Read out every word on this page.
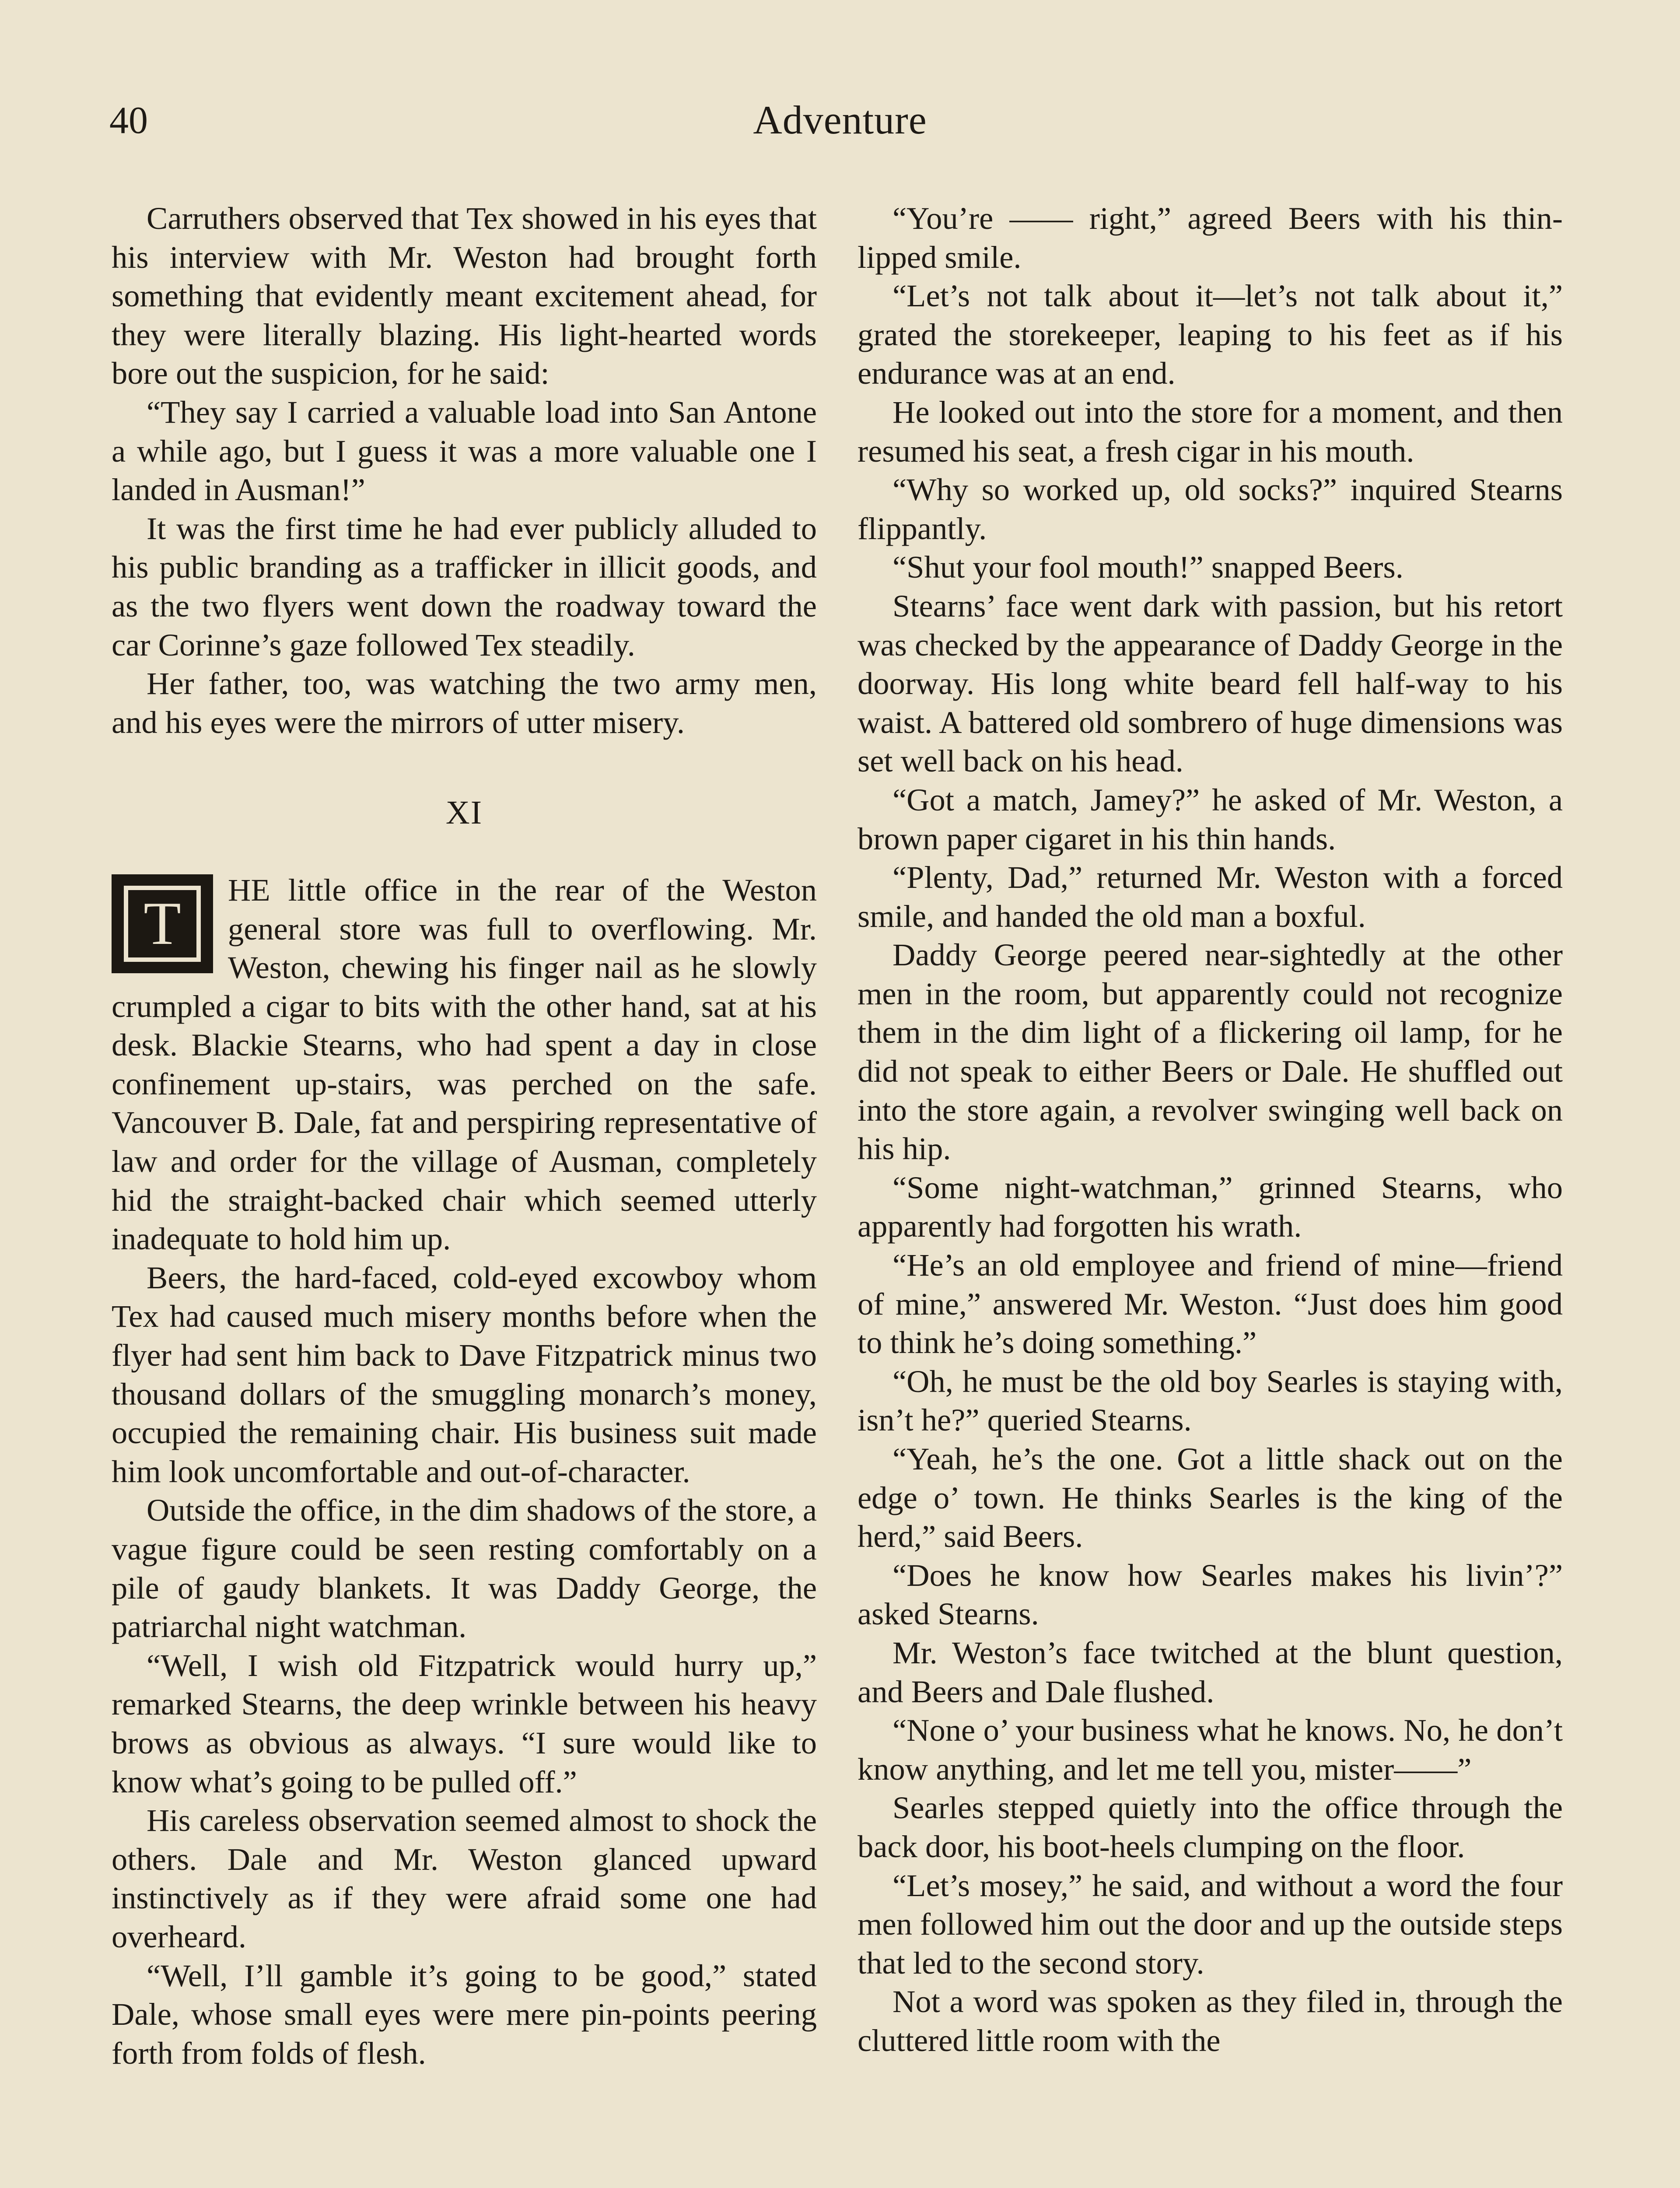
40	Adventure

Carruthers observed that Tex showed in his eyes that his interview with Mr. Weston had brought forth something that evidently meant excitement ahead, for they were literally blazing. His light-hearted words bore out the suspicion, for he said:

“They say I carried a valuable load into San Antone a while ago, but I guess it was a more valuable one I landed in Ausman!”

It was the first time he had ever publicly alluded to his public branding as a trafficker in illicit goods, and as the two flyers went down the roadway toward the car Corinne’s gaze followed Tex steadily.

Her father, too, was watching the two army men, and his eyes were the mirrors of utter misery.

XI

T	HE little office in the rear of the Weston general store was full to overflowing. Mr. Weston, chewing his finger nail as he slowly crumpled a cigar to bits with the other hand, sat at his desk. Blackie Stearns, who had spent a day in close confinement up-stairs, was perched on the safe. Vancouver B. Dale, fat and perspiring representative of law and order for the village of Ausman, completely hid the straight-backed chair which seemed utterly inadequate to hold him up.

Beers, the hard-faced, cold-eyed excowboy whom Tex had caused much misery months before when the flyer had sent him back to Dave Fitzpatrick minus two thousand dollars of the smuggling monarch’s money, occupied the remaining chair. His business suit made him look uncomfortable and out-of-character.

Outside the office, in the dim shadows of the store, a vague figure could be seen resting comfortably on a pile of gaudy blankets. It was Daddy George, the patriarchal night watchman.

“Well, I wish old Fitzpatrick would hurry up,” remarked Stearns, the deep wrinkle between his heavy brows as obvious as always. “I sure would like to know what’s going to be pulled off.”

His careless observation seemed almost to shock the others. Dale and Mr. Weston glanced upward instinctively as if they were afraid some one had overheard.

“Well, I’ll gamble it’s going to be good,” stated Dale, whose small eyes were mere pin-points peering forth from folds of flesh.

“You’re —— right,” agreed Beers with his thin-lipped smile.

“Let’s not talk about it—let’s not talk about it,” grated the storekeeper, leaping to his feet as if his endurance was at an end.

He looked out into the store for a moment, and then resumed his seat, a fresh cigar in his mouth.

“Why so worked up, old socks?” inquired Stearns flippantly.

“Shut your fool mouth!” snapped Beers.

Stearns’ face went dark with passion, but his retort was checked by the appearance of Daddy George in the doorway. His long white beard fell half-way to his waist. A battered old sombrero of huge dimensions was set well back on his head.

“Got a match, Jamey?” he asked of Mr. Weston, a brown paper cigaret in his thin hands.

“Plenty, Dad,” returned Mr. Weston with a forced smile, and handed the old man a boxful.

Daddy George peered near-sightedly at the other men in the room, but apparently could not recognize them in the dim light of a flickering oil lamp, for he did not speak to either Beers or Dale. He shuffled out into the store again, a revolver swinging well back on his hip.

“Some night-watchman,” grinned Stearns, who apparently had forgotten his wrath.

“He’s an old employee and friend of mine—friend of mine,” answered Mr. Weston. “Just does him good to think he’s doing something.”

“Oh, he must be the old boy Searles is staying with, isn’t he?” queried Stearns.

“Yeah, he’s the one. Got a little shack out on the edge o’ town. He thinks Searles is the king of the herd,” said Beers.

“Does he know how Searles makes his livin’?” asked Stearns.

Mr. Weston’s face twitched at the blunt question, and Beers and Dale flushed.

“None o’ your business what he knows. No, he don’t know anything, and let me tell you, mister——”

Searles stepped quietly into the office through the back door, his boot-heels clumping on the floor.

“Let’s mosey,” he said, and without a word the four men followed him out the door and up the outside steps that led to the second story.

Not a word was spoken as they filed in, through the cluttered little room with the
